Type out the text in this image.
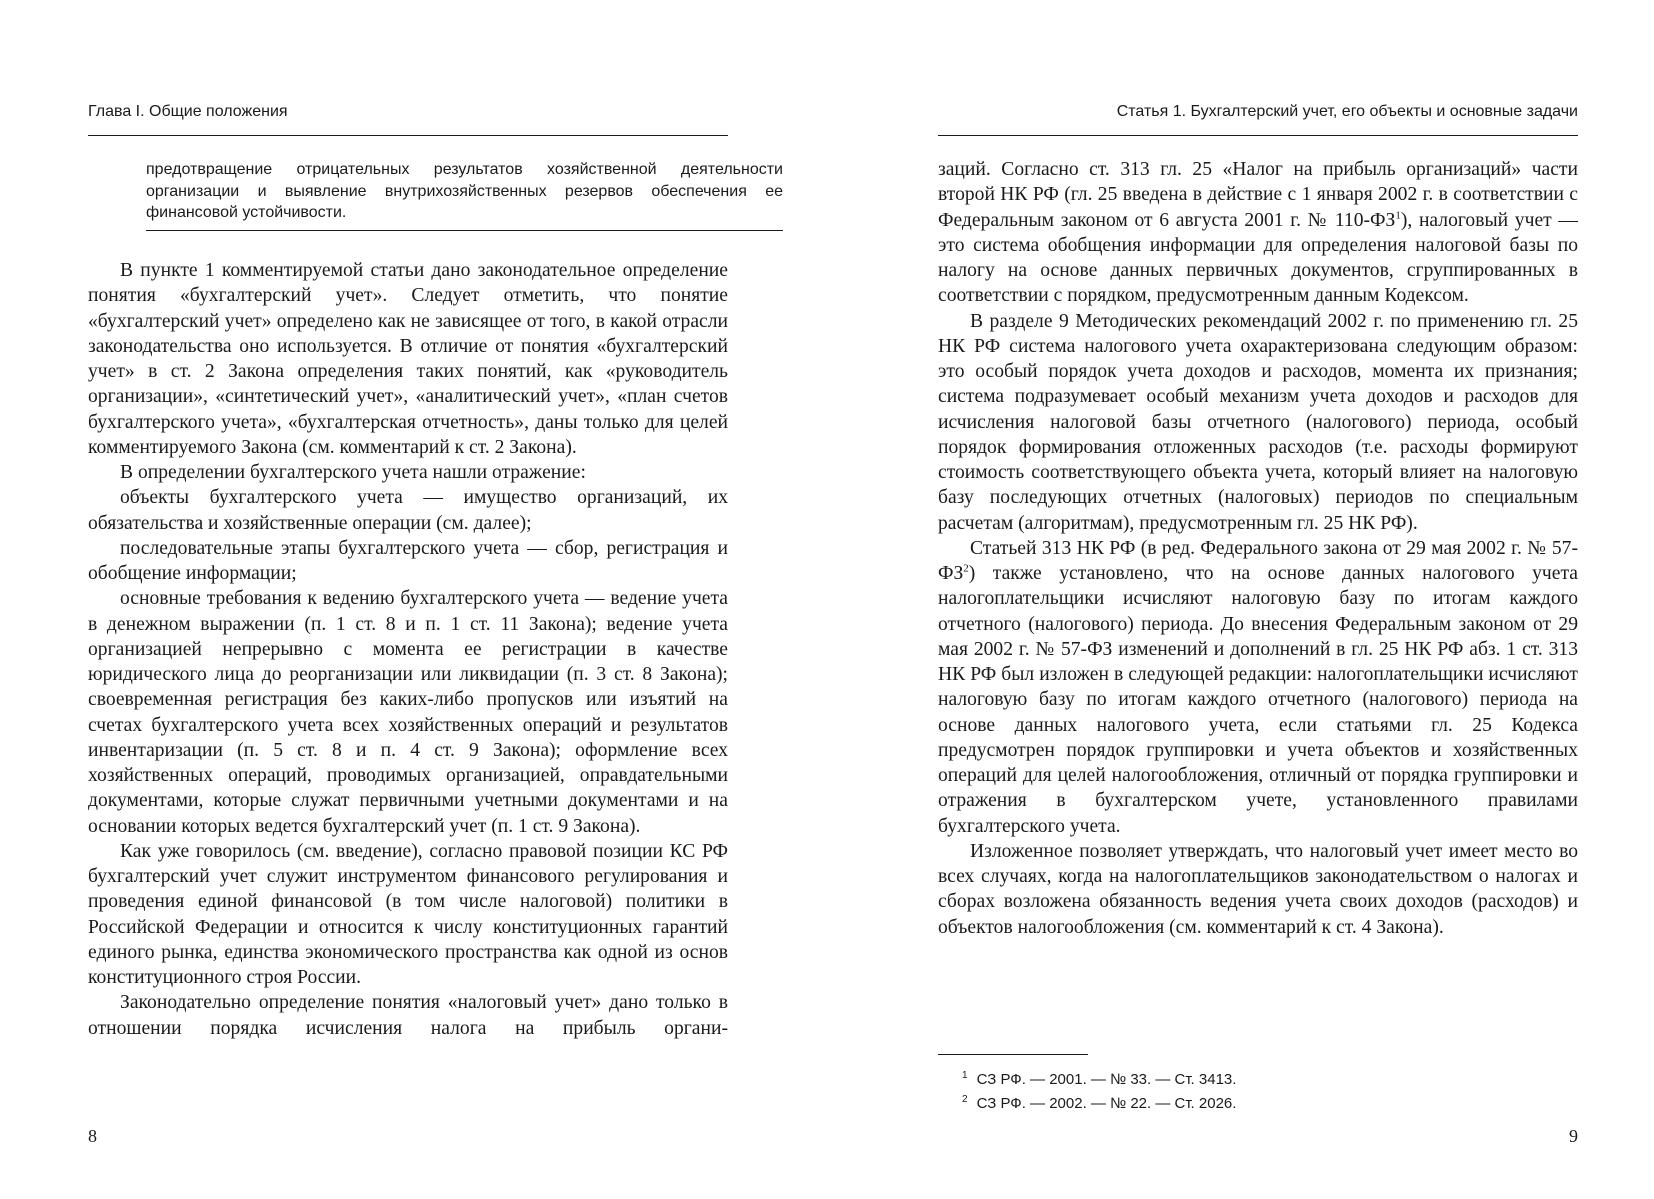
Глава I. Общие положения

предотвращение отрицательных результатов хозяйственной деятельности организации и выявление внутрихозяйственных резервов обеспечения ее финансовой устойчивости.

В пункте 1 комментируемой статьи дано законодательное определение понятия «бухгалтерский учет». Следует отметить, что понятие «бухгалтерский учет» определено как не зависящее от того, в какой отрасли законодательства оно используется. В отличие от понятия «бухгалтерский учет» в ст. 2 Закона определения таких понятий, как «руководитель организации», «синтетический учет», «аналитический учет», «план счетов бухгалтерского учета», «бухгалтерская отчетность», даны только для целей комментируемого Закона (см. комментарий к ст. 2 Закона).

В определении бухгалтерского учета нашли отражение:

объекты бухгалтерского учета — имущество организаций, их обязательства и хозяйственные операции (см. далее);

последовательные этапы бухгалтерского учета — сбор, регистрация и обобщение информации;

основные требования к ведению бухгалтерского учета — ведение учета в денежном выражении (п. 1 ст. 8 и п. 1 ст. 11 Закона); ведение учета организацией непрерывно с момента ее регистрации в качестве юридического лица до реорганизации или ликвидации (п. 3 ст. 8 Закона); своевременная регистрация без каких-либо пропусков или изъятий на счетах бухгалтерского учета всех хозяйственных операций и результатов инвентаризации (п. 5 ст. 8 и п. 4 ст. 9 Закона); оформление всех хозяйственных операций, проводимых организацией, оправдательными документами, которые служат первичными учетными документами и на основании которых ведется бухгалтерский учет (п. 1 ст. 9 Закона).

Как уже говорилось (см. введение), согласно правовой позиции КС РФ бухгалтерский учет служит инструментом финансового регулирования и проведения единой финансовой (в том числе налоговой) политики в Российской Федерации и относится к числу конституционных гарантий единого рынка, единства экономического пространства как одной из основ конституционного строя России.

Законодательно определение понятия «налоговый учет» дано только в отношении порядка исчисления налога на прибыль органи-

8
Статья 1. Бухгалтерский учет, его объекты и основные задачи

заций. Согласно ст. 313 гл. 25 «Налог на прибыль организаций» части второй НК РФ (гл. 25 введена в действие с 1 января 2002 г. в соответствии с Федеральным законом от 6 августа 2001 г. № $110-ФЗ^1$), налоговый учет — это система обобщения информации для определения налоговой базы по налогу на основе данных первичных документов, сгруппированных в соответствии с порядком, предусмотренным данным Кодексом.

В разделе 9 Методических рекомендаций 2002 г. по применению гл. 25 НК РФ система налогового учета охарактеризована следующим образом: это особый порядок учета доходов и расходов, момента их признания; система подразумевает особый механизм учета доходов и расходов для исчисления налоговой базы отчетного (налогового) периода, особый порядок формирования отложенных расходов (т.е. расходы формируют стоимость соответствующего объекта учета, который влияет на налоговую базу последующих отчетных (налоговых) периодов по специальным расчетам (алгоритмам), предусмотренным гл. 25 НК РФ).

Статьей 313 НК РФ (в ред. Федерального закона от 29 мая 2002 г. № $57-ФЗ^2$) также установлено, что на основе данных налогового учета налогоплательщики исчисляют налоговую базу по итогам каждого отчетного (налогового) периода. До внесения Федеральным законом от 29 мая 2002 г. № 57-ФЗ изменений и дополнений в гл. 25 НК РФ абз. 1 ст. 313 НК РФ был изложен в следующей редакции: налогоплательщики исчисляют налоговую базу по итогам каждого отчетного (налогового) периода на основе данных налогового учета, если статьями гл. 25 Кодекса предусмотрен порядок группировки и учета объектов и хозяйственных операций для целей налогообложения, отличный от порядка группировки и отражения в бухгалтерском учете, установленного правилами бухгалтерского учета.

Изложенное позволяет утверждать, что налоговый учет имеет место во всех случаях, когда на налогоплательщиков законодательством о налогах и сборах возложена обязанность ведения учета своих доходов (расходов) и объектов налогообложения (см. комментарий к ст. 4 Закона).

$^1$ СЗ РФ. — 2001. — № 33. — Ст. 3413.

$^2$ СЗ РФ. — 2002. — № 22. — Ст. 2026.

9
